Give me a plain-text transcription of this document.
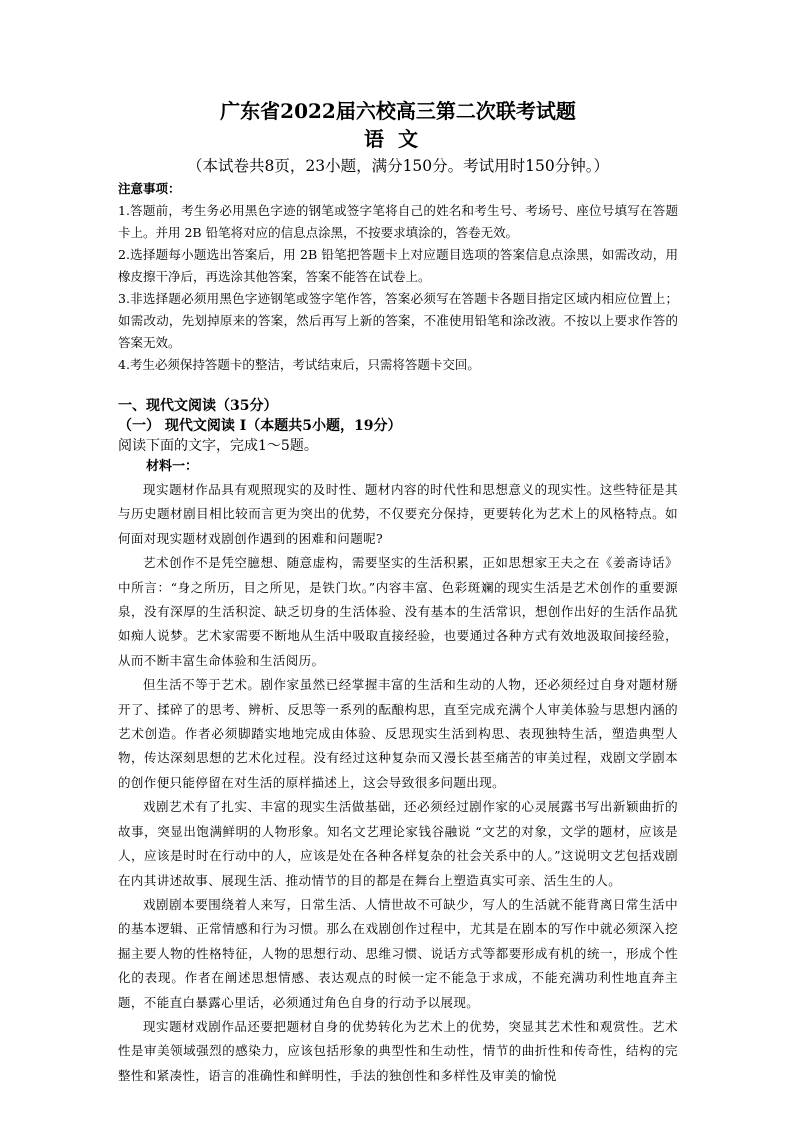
广东省2022届六校高三第二次联考试题

语文

（本试卷共8页，23小题，满分150分。考试用时150分钟。）

注意事项：

1.答题前，考生务必用黑色字迹的钢笔或签字笔将自己的姓名和考生号、考场号、座位号填写在答题卡上。并用 2B 铅笔将对应的信息点涂黑，不按要求填涂的，答卷无效。

2.选择题每小题选出答案后，用 2B 铅笔把答题卡上对应题目选项的答案信息点涂黑，如需改动，用橡皮擦干净后，再选涂其他答案，答案不能答在试卷上。

3.非选择题必须用黑色字迹钢笔或签字笔作答，答案必须写在答题卡各题目指定区域内相应位置上；如需改动，先划掉原来的答案，然后再写上新的答案，不准使用铅笔和涂改液。不按以上要求作答的答案无效。

4.考生必须保持答题卡的整洁，考试结束后，只需将答题卡交回。

一、现代文阅读（35分）

（一） 现代文阅读 I（本题共5小题，19分）

阅读下面的文字，完成1～5题。

材料一：

现实题材作品具有观照现实的及时性、题材内容的时代性和思想意义的现实性。这些特征是其与历史题材剧目相比较而言更为突出的优势，不仅要充分保持，更要转化为艺术上的风格特点。如何面对现实题材戏剧创作遇到的困难和问题呢?

艺术创作不是凭空臆想、随意虚构，需要坚实的生活积累，正如思想家王夫之在《姜斋诗话》中所言：“身之所历，目之所见，是铁门坎。”内容丰富、色彩斑斓的现实生活是艺术创作的重要源泉，没有深厚的生活积淀、缺乏切身的生活体验、没有基本的生活常识，想创作出好的生活作品犹如痴人说梦。艺术家需要不断地从生活中吸取直接经验，也要通过各种方式有效地汲取间接经验，从而不断丰富生命体验和生活阅历。

但生活不等于艺术。剧作家虽然已经掌握丰富的生活和生动的人物，还必须经过自身对题材掰开了、揉碎了的思考、辨析、反思等一系列的酝酿构思，直至完成充满个人审美体验与思想内涵的艺术创造。作者必须脚踏实地地完成由体验、反思现实生活到构思、表现独特生活，塑造典型人物，传达深刻思想的艺术化过程。没有经过这种复杂而又漫长甚至痛苦的审美过程，戏剧文学剧本的创作便只能停留在对生活的原样描述上，这会导致很多问题出现。

戏剧艺术有了扎实、丰富的现实生活做基础，还必须经过剧作家的心灵展露书写出新颖曲折的故事，突显出饱满鲜明的人物形象。知名文艺理论家钱谷融说 “文艺的对象，文学的题材，应该是人，应该是时时在行动中的人，应该是处在各种各样复杂的社会关系中的人。”这说明文艺包括戏剧在内其讲述故事、展现生活、推动情节的目的都是在舞台上塑造真实可亲、活生生的人。

戏剧剧本要围绕着人来写，日常生活、人情世故不可缺少，写人的生活就不能背离日常生活中的基本逻辑、正常情感和行为习惯。那么在戏剧创作过程中，尤其是在剧本的写作中就必须深入挖掘主要人物的性格特征，人物的思想行动、思维习惯、说话方式等都要形成有机的统一，形成个性化的表现。作者在阐述思想情感、表达观点的时候一定不能急于求成，不能充满功利性地直奔主题，不能直白暴露心里话，必须通过角色自身的行动予以展现。

现实题材戏剧作品还要把题材自身的优势转化为艺术上的优势，突显其艺术性和观赏性。艺术性是审美领域强烈的感染力，应该包括形象的典型性和生动性，情节的曲折性和传奇性，结构的完整性和紧凑性，语言的准确性和鲜明性，手法的独创性和多样性及审美的愉悦
